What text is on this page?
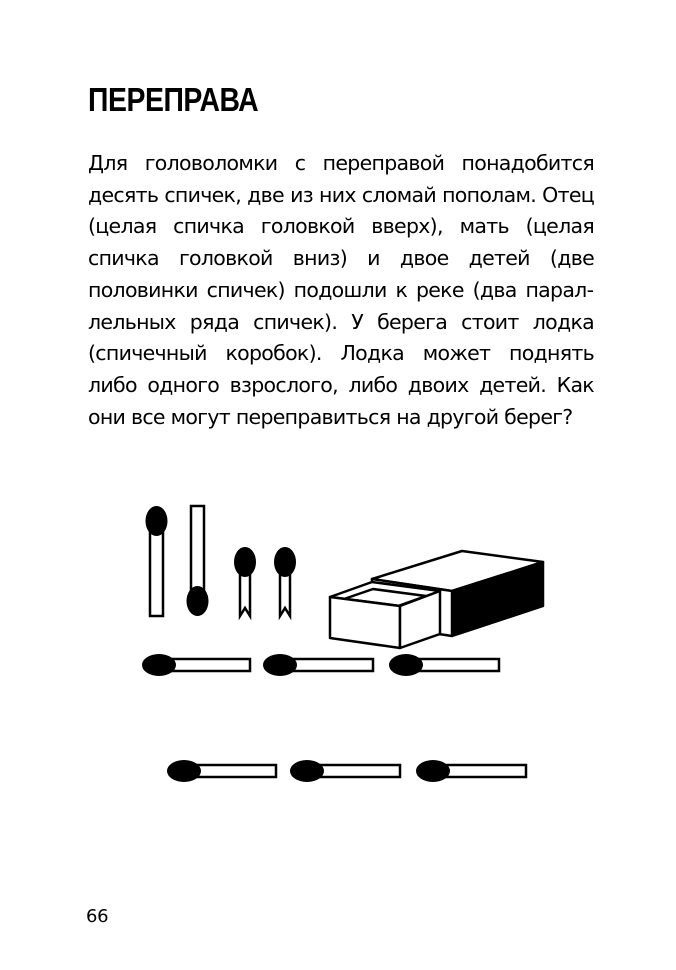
ПЕРЕПРАВА

Для головоломки с переправой понадобится десять спичек, две из них сломай пополам. Отец (целая спичка головкой вверх), мать (целая спичка головкой вниз) и двое детей (две половинки спичек) подошли к реке (два параллельных ряда спичек). У берега стоит лодка (спичечный коробок). Лодка может поднять либо одного взрослого, либо двоих детей. Как они все могут переправиться на другой берег?

66
